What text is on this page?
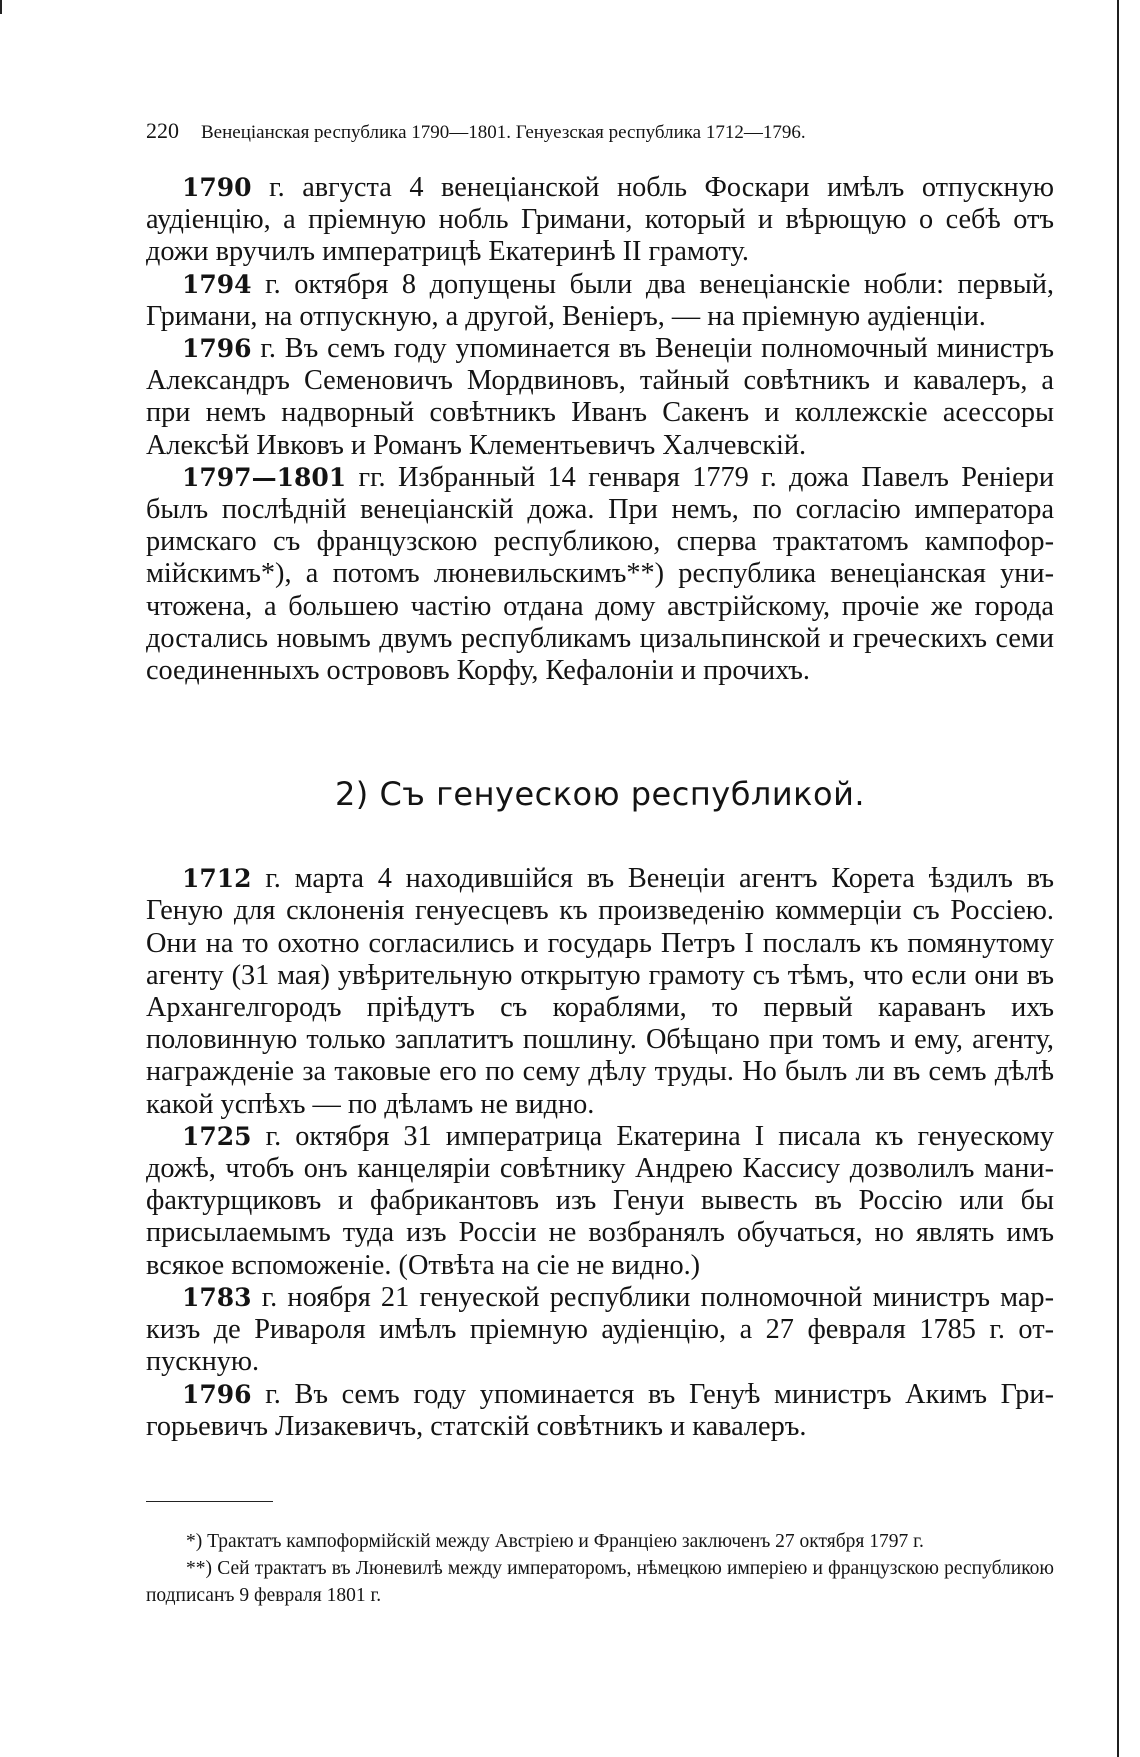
220 Венеціанская республика 1790—1801. Генуезская республика 1712—1796.

1790 г. августа 4 венеціанской нобль Фоскари имѣлъ отпускную аудіенцію, а пріемную нобль Гримани, который и вѣрющую о себѣ отъ дожи вручилъ императрицѣ Екатеринѣ II грамоту.

1794 г. октября 8 допущены были два венеціанскіе нобли: первый, Гримани, на отпускную, а другой, Веніеръ, — на пріемную аудіенціи.

1796 г. Въ семъ году упоминается въ Венеціи полномочный министръ Александръ Семеновичъ Мордвиновъ, тайный совѣтникъ и кавалеръ, а при немъ надворный совѣтникъ Иванъ Сакенъ и коллежскіе асессоры Алексѣй Ивковъ и Романъ Клементьевичъ Халчевскій.

1797—1801 гг. Избранный 14 генваря 1779 г. дожа Павелъ Реніери былъ послѣдній венеціанскій дожа. При немъ, по согласію императора римскаго съ французскою республикою, сперва трактатомъ кампоформійскимъ*), а потомъ люневильскимъ**) республика венеціанская уничтожена, а большею частію отдана дому австрійскому, прочіе же города достались новымъ двумъ республикамъ цизальпинской и греческихъ семи соединенныхъ острововъ Корфу, Кефалоніи и прочихъ.

2) Съ генуескою республикой.

1712 г. марта 4 находившійся въ Венеціи агентъ Корета ѣздилъ въ Геную для склоненія генуесцевъ къ произведенію коммерціи съ Россіею. Они на то охотно согласились и государь Петръ I послалъ къ помянутому агенту (31 мая) увѣрительную открытую грамоту съ тѣмъ, что если они въ Архангелгородъ пріѣдутъ съ кораблями, то первый караванъ ихъ половинную только заплатитъ пошлину. Обѣщано при томъ и ему, агенту, награжденіе за таковые его по сему дѣлу труды. Но былъ ли въ семъ дѣлѣ какой успѣхъ — по дѣламъ не видно.

1725 г. октября 31 императрица Екатерина I писала къ генуескому дожѣ, чтобъ онъ канцеляріи совѣтнику Андрею Кассису дозволилъ манифактурщиковъ и фабрикантовъ изъ Генуи вывесть въ Россію или бы присылаемымъ туда изъ Россіи не возбранялъ обучаться, но являть имъ всякое вспоможеніе. (Отвѣта на сіе не видно.)

1783 г. ноября 21 генуеской республики полномочной министръ маркизъ де Ривароля имѣлъ пріемную аудіенцію, а 27 февраля 1785 г. отпускную.

1796 г. Въ семъ году упоминается въ Генуѣ министръ Акимъ Григорьевичъ Лизакевичъ, статскій совѣтникъ и кавалеръ.

*) Трактатъ кампоформійскій между Австріею и Франціею заключенъ 27 октября 1797 г.

**) Сей трактатъ въ Люневилѣ между императоромъ, нѣмецкою имперіею и французскою республикою подписанъ 9 февраля 1801 г.
